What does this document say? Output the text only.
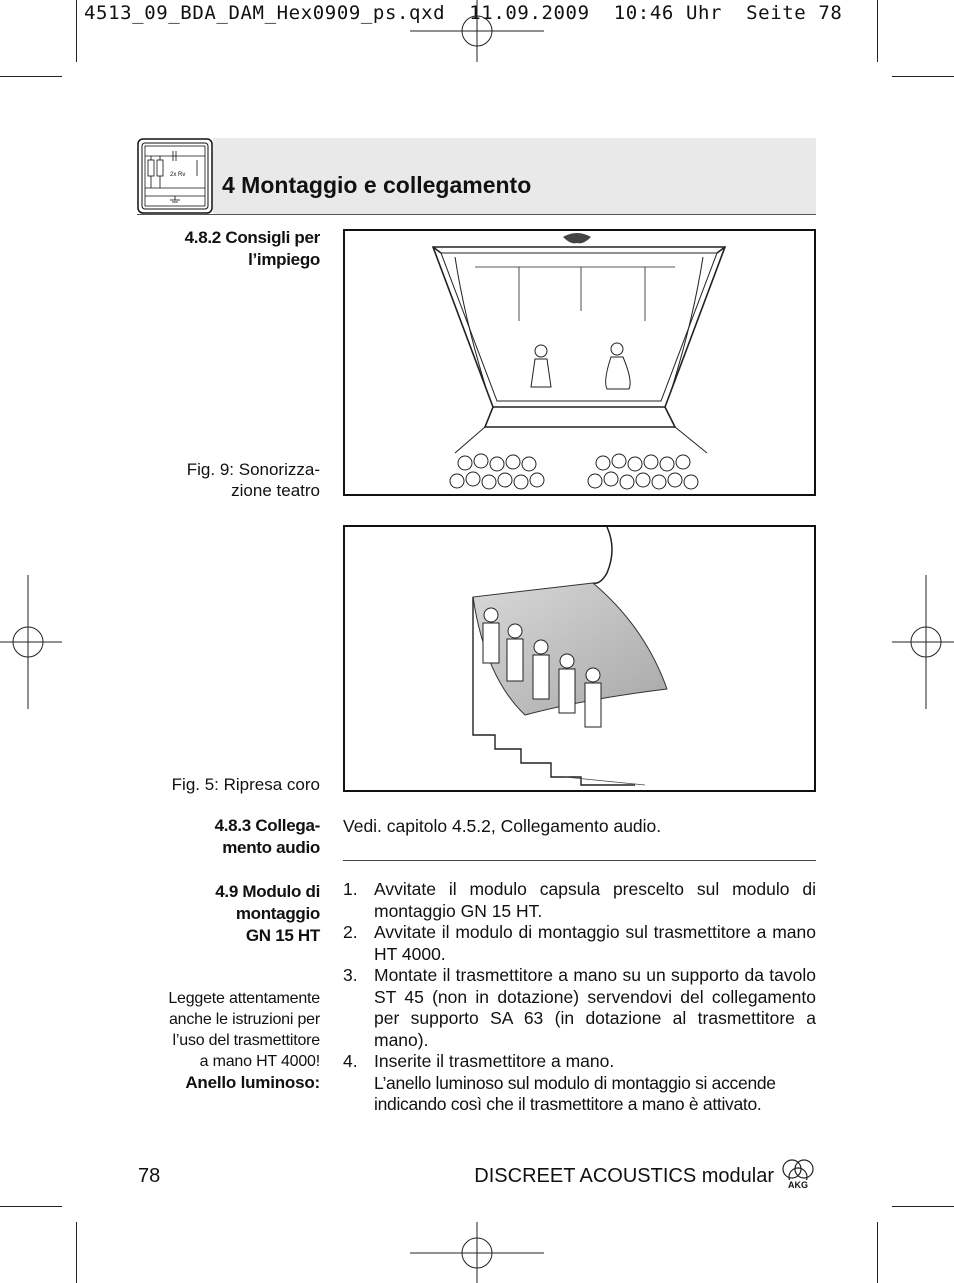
4513_09_BDA_DAM_Hex0909_ps.qxd  11.09.2009  10:46 Uhr  Seite 78
2x Rv 4 Montaggio e collegamento
4.8.2 Consigli per
l’impiego
Fig. 9: Sonorizza-
zione teatro
Fig. 5: Ripresa coro
4.8.3 Collega-
mento audio
Vedi. capitolo 4.5.2, Collegamento audio.
4.9 Modulo di
montaggio
GN 15 HT
Leggete attentamente
anche le istruzioni per
l’uso del trasmettitore
a mano HT 4000!
Anello luminoso:
1. Avvitate il modulo capsula prescelto sul modulo di montaggio GN 15 HT.
2. Avvitate il modulo di montaggio sul trasmettitore a mano HT 4000.
3. Montate il trasmettitore a mano su un supporto da tavolo ST 45 (non in dotazione) servendovi del collegamento per supporto SA 63 (in dotazione al trasmettitore a mano).
4. Inserite il trasmettitore a mano.
L’anello luminoso sul modulo di montaggio si accende indicando così che il trasmettitore a mano è attivato.
78	DISCREET ACOUSTICS modular AKG
